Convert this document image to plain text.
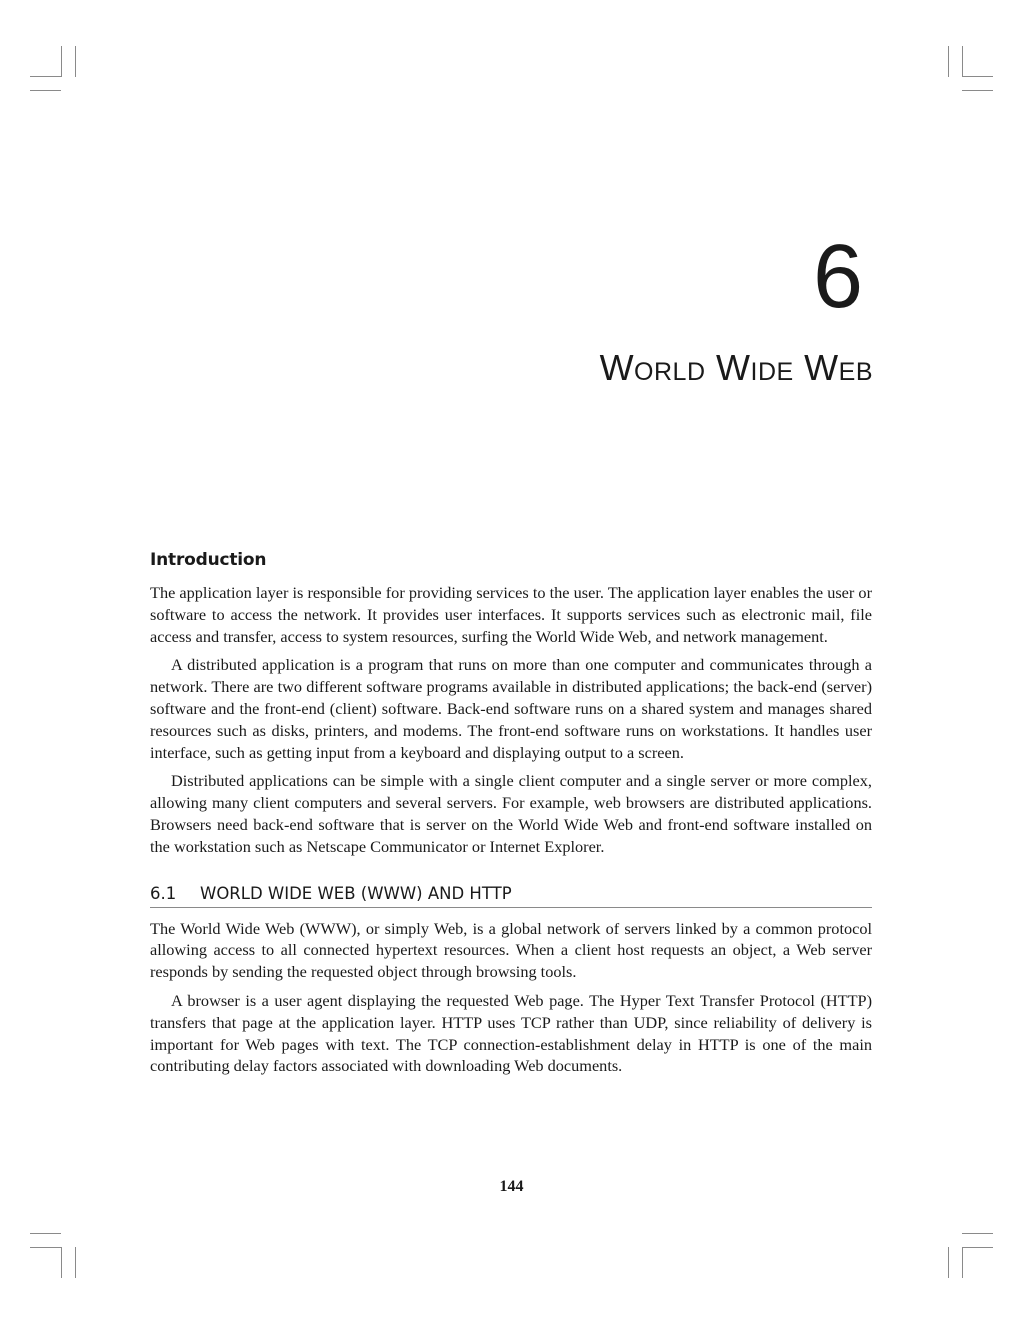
6
World Wide Web
Introduction

The application layer is responsible for providing services to the user. The application layer enables the user or software to access the network. It provides user interfaces. It supports services such as electronic mail, file access and transfer, access to system resources, surfing the World Wide Web, and network management.

A distributed application is a program that runs on more than one computer and communicates through a network. There are two different software programs available in distributed applications; the back-end (server) software and the front-end (client) software. Back-end software runs on a shared system and manages shared resources such as disks, printers, and modems. The front-end software runs on workstations. It handles user interface, such as getting input from a keyboard and displaying output to a screen.

Distributed applications can be simple with a single client computer and a single server or more complex, allowing many client computers and several servers. For example, web browsers are distributed applications. Browsers need back-end software that is server on the World Wide Web and front-end software installed on the workstation such as Netscape Communicator or Internet Explorer.

6.1 WORLD WIDE WEB (WWW) AND HTTP

The World Wide Web (WWW), or simply Web, is a global network of servers linked by a common protocol allowing access to all connected hypertext resources. When a client host requests an object, a Web server responds by sending the requested object through browsing tools.

A browser is a user agent displaying the requested Web page. The Hyper Text Transfer Protocol (HTTP) transfers that page at the application layer. HTTP uses TCP rather than UDP, since reliability of delivery is important for Web pages with text. The TCP connection-establishment delay in HTTP is one of the main contributing delay factors associated with downloading Web documents.

144
